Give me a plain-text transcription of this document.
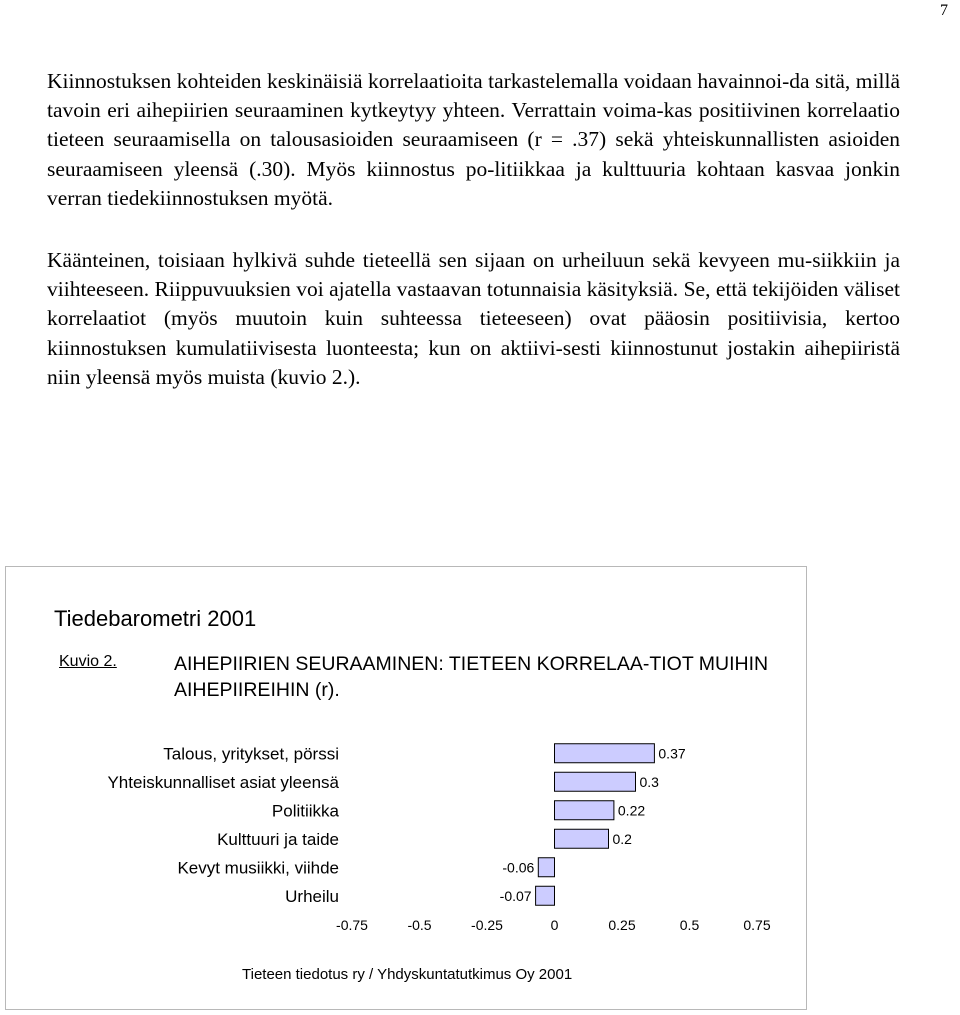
7

Kiinnostuksen kohteiden keskinäisiä korrelaatioita tarkastelemalla voidaan havainnoi-da sitä, millä tavoin eri aihepiirien seuraaminen kytkeytyy yhteen. Verrattain voima-kas positiivinen korrelaatio tieteen seuraamisella on talousasioiden seuraamiseen (r = .37) sekä yhteiskunnallisten asioiden seuraamiseen yleensä (.30). Myös kiinnostus po-litiikkaa ja kulttuuria kohtaan kasvaa jonkin verran tiedekiinnostuksen myötä.

Käänteinen, toisiaan hylkivä suhde tieteellä sen sijaan on urheiluun sekä kevyeen mu-siikkiin ja viihteeseen. Riippuvuuksien voi ajatella vastaavan totunnaisia käsityksiä. Se, että tekijöiden väliset korrelaatiot (myös muutoin kuin suhteessa tieteeseen) ovat pääosin positiivisia, kertoo kiinnostuksen kumulatiivisesta luonteesta; kun on aktiivi-sesti kiinnostunut jostakin aihepiiristä niin yleensä myös muista (kuvio 2.).

Tiedebarometri 2001
Kuvio 2.	AIHEPIIRIEN SEURAAMINEN: TIETEEN KORRELAA-TIOT MUIHIN AIHEPIIREIHIN (r).
Talous, yritykset, pörssi	0.37
Yhteiskunnalliset asiat yleensä	0.3
Politiikka	0.22
Kulttuuri ja taide	0.2
Kevyt musiikki, viihde	-0.06
Urheilu	-0.07
-0.75	-0.5	-0.25	0	0.25	0.5	0.75
Tieteen tiedotus ry / Yhdyskuntatutkimus Oy 2001
